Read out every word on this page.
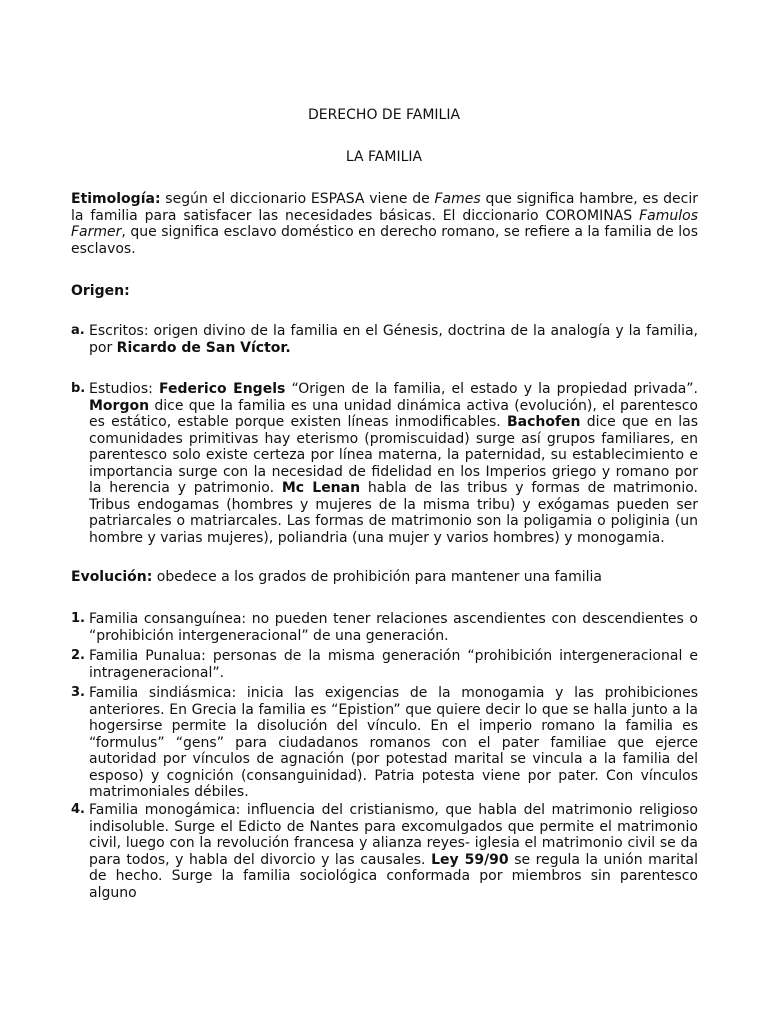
DERECHO DE FAMILIA
LA FAMILIA
Etimología: según el diccionario ESPASA viene de Fames que significa hambre, es decir la familia para satisfacer las necesidades básicas. El diccionario COROMINAS Famulos Farmer, que significa esclavo doméstico en derecho romano, se refiere a la familia de los esclavos.
Origen:
a. Escritos: origen divino de la familia en el Génesis, doctrina de la analogía y la familia, por Ricardo de San Víctor.
b. Estudios: Federico Engels “Origen de la familia, el estado y la propiedad privada”. Morgon dice que la familia es una unidad dinámica activa (evolución), el parentesco es estático, estable porque existen líneas inmodificables. Bachofen dice que en las comunidades primitivas hay eterismo (promiscuidad) surge así grupos familiares, en parentesco solo existe certeza por línea materna, la paternidad, su establecimiento e importancia surge con la necesidad de fidelidad en los Imperios griego y romano por la herencia y patrimonio. Mc Lenan habla de las tribus y formas de matrimonio. Tribus endogamas (hombres y mujeres de la misma tribu) y exógamas pueden ser patriarcales o matriarcales. Las formas de matrimonio son la poligamia o poliginia (un hombre y varias mujeres), poliandria (una mujer y varios hombres) y monogamia.
Evolución: obedece a los grados de prohibición para mantener una familia
1. Familia consanguínea: no pueden tener relaciones ascendientes con descendientes o “prohibición intergeneracional” de una generación.
2. Familia Punalua: personas de la misma generación “prohibición intergeneracional e intrageneracional”.
3. Familia sindiásmica: inicia las exigencias de la monogamia y las prohibiciones anteriores. En Grecia la familia es “Epistion” que quiere decir lo que se halla junto a la hogersirse permite la disolución del vínculo. En el imperio romano la familia es “formulus” “gens” para ciudadanos romanos con el pater familiae que ejerce autoridad por vínculos de agnación (por potestad marital se vincula a la familia del esposo) y cognición (consanguinidad). Patria potesta viene por pater. Con vínculos matrimoniales débiles.
4. Familia monogámica: influencia del cristianismo, que habla del matrimonio religioso indisoluble. Surge el Edicto de Nantes para excomulgados que permite el matrimonio civil, luego con la revolución francesa y alianza reyes- iglesia el matrimonio civil se da para todos, y habla del divorcio y las causales. Ley 59/90 se regula la unión marital de hecho. Surge la familia sociológica conformada por miembros sin parentesco alguno
